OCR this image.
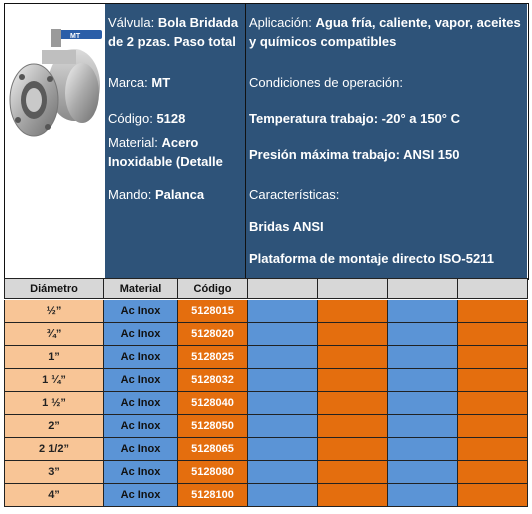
MT
Válvula: Bola Bridada de 2 pzas. Paso total
Marca: MT
Código: 5128
Material: Acero Inoxidable (Detalle
Mando: Palanca
Aplicación: Agua fría, caliente, vapor, aceites y químicos compatibles
Condiciones de operación:
Temperatura trabajo: -20° a 150° C
Presión máxima trabajo: ANSI 150
Características:
Bridas ANSI
Plataforma de montaje directo ISO-5211
Diámetro	Material	Código
½”	Ac Inox	5128015
¾”	Ac Inox	5128020
1”	Ac Inox	5128025
1 ¼”	Ac Inox	5128032
1 ½”	Ac Inox	5128040
2”	Ac Inox	5128050
2 1/2”	Ac Inox	5128065
3”	Ac Inox	5128080
4”	Ac Inox	5128100
